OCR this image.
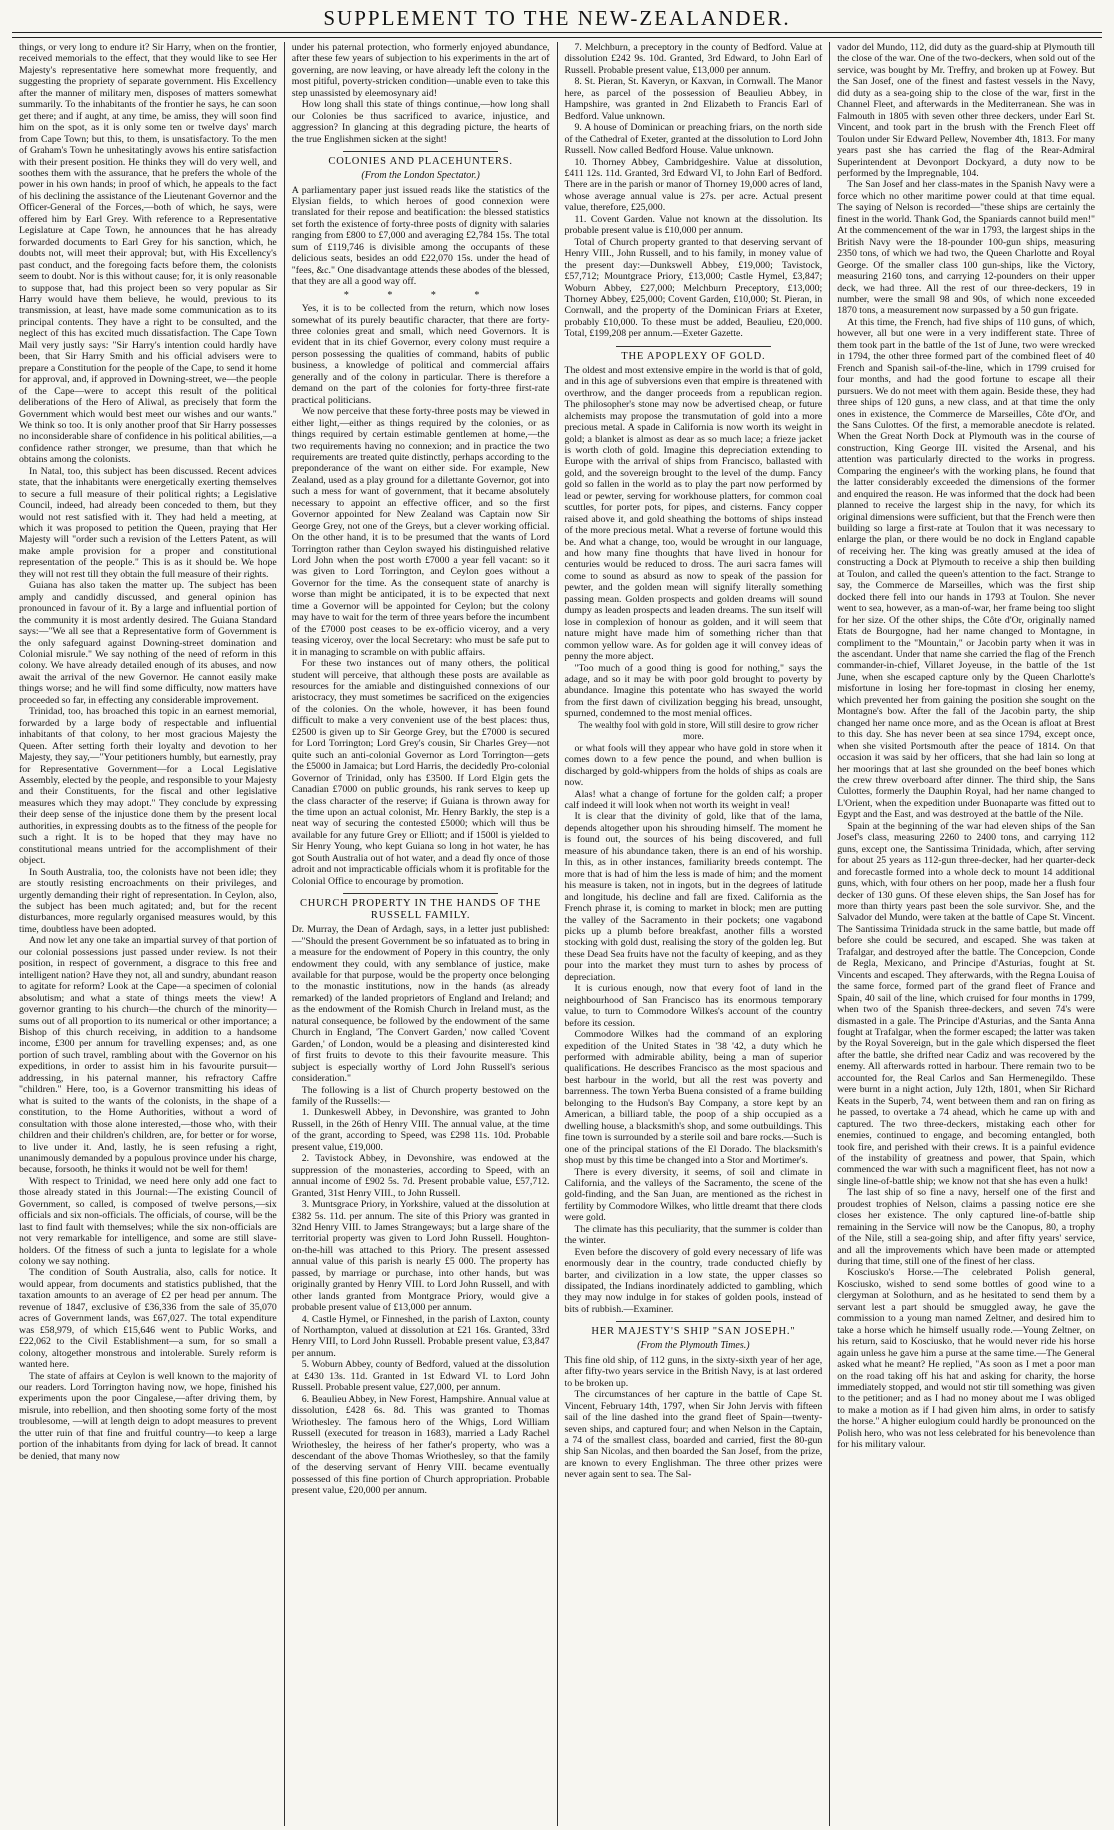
SUPPLEMENT TO THE NEW-ZEALANDER.

things, or very long to endure it? Sir Harry, when on the frontier, received memorials to the effect, that they would like to see Her Majesty's representative here somewhat more frequently, and suggesting the propriety of separate government. His Excellency after the manner of military men, disposes of matters somewhat summarily. To the inhabitants of the frontier he says, he can soon get there; and if aught, at any time, be amiss, they will soon find him on the spot, as it is only some ten or twelve days' march from Cape Town; but this, to them, is unsatisfactory. To the men of Graham's Town he unhesitatingly avows his entire satisfaction with their present position. He thinks they will do very well, and soothes them with the assurance, that he prefers the whole of the power in his own hands; in proof of which, he appeals to the fact of his declining the assistance of the Lieutenant Governor and the Officer-General of the Forces,—both of which, he says, were offered him by Earl Grey. With reference to a Representative Legislature at Cape Town, he announces that he has already forwarded documents to Earl Grey for his sanction, which, he doubts not, will meet their approval; but, with His Excellency's past conduct, and the foregoing facts before them, the colonists seem to doubt. Nor is this without cause; for, it is only reasonable to suppose that, had this project been so very popular as Sir Harry would have them believe, he would, previous to its transmission, at least, have made some communication as to its principal contents. They have a right to be consulted, and the neglect of this has excited much dissatisfaction. The Cape Town Mail very justly says: "Sir Harry's intention could hardly have been, that Sir Harry Smith and his official advisers were to prepare a Constitution for the people of the Cape, to send it home for approval, and, if approved in Downing-street, we—the people of the Cape—were to accept this result of the political deliberations of the Hero of Aliwal, as precisely that form the Government which would best meet our wishes and our wants." We think so too. It is only another proof that Sir Harry possesses no inconsiderable share of confidence in his political abilities,—a confidence rather stronger, we presume, than that which he obtains among the colonists.

In Natal, too, this subject has been discussed. Recent advices state, that the inhabitants were energetically exerting themselves to secure a full measure of their political rights; a Legislative Council, indeed, had already been conceded to them, but they would not rest satisfied with it. They had held a meeting, at which it was proposed to petition the Queen, praying that Her Majesty will "order such a revision of the Letters Patent, as will make ample provision for a proper and constitutional representation of the people." This is as it should be. We hope they will not rest till they obtain the full measure of their rights.

Guiana has also taken the matter up. The subject has been amply and candidly discussed, and general opinion has pronounced in favour of it. By a large and influential portion of the community it is most ardently desired. The Guiana Standard says:—"We all see that a Representative form of Government is the only safeguard against Downing-street domination and Colonial misrule." We say nothing of the need of reform in this colony. We have already detailed enough of its abuses, and now await the arrival of the new Governor. He cannot easily make things worse; and he will find some difficulty, now matters have proceeded so far, in effecting any considerable improvement.

Trinidad, too, has broached this topic in an earnest memorial, forwarded by a large body of respectable and influential inhabitants of that colony, to her most gracious Majesty the Queen. After setting forth their loyalty and devotion to her Majesty, they say,—"Your petitioners humbly, but earnestly, pray for Representative Government—for a Local Legislative Assembly, elected by the people, and responsible to your Majesty and their Constituents, for the fiscal and other legislative measures which they may adopt." They conclude by expressing their deep sense of the injustice done them by the present local authorities, in expressing doubts as to the fitness of the people for such a right. It is to be hoped that they may have no constitutional means untried for the accomplishment of their object.

In South Australia, too, the colonists have not been idle; they are stoutly resisting encroachments on their privileges, and urgently demanding their right of representation. In Ceylon, also, the subject has been much agitated; and, but for the recent disturbances, more regularly organised measures would, by this time, doubtless have been adopted.

And now let any one take an impartial survey of that portion of our colonial possessions just passed under review. Is not their position, in respect of government, a disgrace to this free and intelligent nation? Have they not, all and sundry, abundant reason to agitate for reform? Look at the Cape—a specimen of colonial absolutism; and what a state of things meets the view! A governor granting to his church—the church of the minority—sums out of all proportion to its numerical or other importance; a Bishop of this church receiving, in addition to a handsome income, £300 per annum for travelling expenses; and, as one portion of such travel, rambling about with the Governor on his expeditions, in order to assist him in his favourite pursuit—addressing, in his paternal manner, his refractory Caffre "children." Here, too, is a Governor transmitting his ideas of what is suited to the wants of the colonists, in the shape of a constitution, to the Home Authorities, without a word of consultation with those alone interested,—those who, with their children and their children's children, are, for better or for worse, to live under it. And, lastly, he is seen refusing a right, unanimously demanded by a populous province under his charge, because, forsooth, he thinks it would not be well for them!

With respect to Trinidad, we need here only add one fact to those already stated in this Journal:—The existing Council of Government, so called, is composed of twelve persons,—six officials and six non-officials. The officials, of course, will be the last to find fault with themselves; while the six non-officials are not very remarkable for intelligence, and some are still slave-holders. Of the fitness of such a junta to legislate for a whole colony we say nothing.

The condition of South Australia, also, calls for notice. It would appear, from documents and statistics published, that the taxation amounts to an average of £2 per head per annum. The revenue of 1847, exclusive of £36,336 from the sale of 35,070 acres of Government lands, was £67,027. The total expenditure was £58,979, of which £15,646 went to Public Works, and £22,062 to the Civil Establishment—a sum, for so small a colony, altogether monstrous and intolerable. Surely reform is wanted here.

The state of affairs at Ceylon is well known to the majority of our readers. Lord Torrington having now, we hope, finished his experiments upon the poor Cingalese,—after driving them, by misrule, into rebellion, and then shooting some forty of the most troublesome, —will at length deign to adopt measures to prevent the utter ruin of that fine and fruitful country—to keep a large portion of the inhabitants from dying for lack of bread. It cannot be denied, that many now

under his paternal protection, who formerly enjoyed abundance, after these few years of subjection to his experiments in the art of governing, are now leaving, or have already left the colony in the most pitiful, poverty-stricken condition—unable even to take this step unassisted by eleemosynary aid!

How long shall this state of things continue,—how long shall our Colonies be thus sacrificed to avarice, injustice, and aggression? In glancing at this degrading picture, the hearts of the true Englishmen sicken at the sight!

COLONIES AND PLACEHUNTERS.
(From the London Spectator.)

A parliamentary paper just issued reads like the statistics of the Elysian fields, to which heroes of good connexion were translated for their repose and beatification: the blessed statistics set forth the existence of forty-three posts of dignity with salaries ranging from £800 to £7,000 and averaging £2,784 15s. The total sum of £119,746 is divisible among the occupants of these delicious seats, besides an odd £22,070 15s. under the head of "fees, &c." One disadvantage attends these abodes of the blessed, that they are all a good way off.

* * * *

Yes, it is to be collected from the return, which now loses somewhat of its purely beautific character, that there are forty-three colonies great and small, which need Governors. It is evident that in its chief Governor, every colony must require a person possessing the qualities of command, habits of public business, a knowledge of political and commercial affairs generally and of the colony in particular. There is therefore a demand on the part of the colonies for forty-three first-rate practical politicians.

We now perceive that these forty-three posts may be viewed in either light,—either as things required by the colonies, or as things required by certain estimable gentlemen at home,—the two requirements having no connexion; and in practice the two requirements are treated quite distinctly, perhaps according to the preponderance of the want on either side. For example, New Zealand, used as a play ground for a dilettante Governor, got into such a mess for want of government, that it became absolutely necessary to appoint an effective officer, and so the first Governor appointed for New Zealand was Captain now Sir George Grey, not one of the Greys, but a clever working official. On the other hand, it is to be presumed that the wants of Lord Torrington rather than Ceylon swayed his distinguished relative Lord John when the post worth £7000 a year fell vacant: so it was given to Lord Torrington, and Ceylon goes without a Governor for the time. As the consequent state of anarchy is worse than might be anticipated, it is to be expected that next time a Governor will be appointed for Ceylon; but the colony may have to wait for the term of three years before the incumbent of the £7000 post ceases to be ex-officio viceroy, and a very teasing viceroy, over the local Secretary: who must be safe put to it in managing to scramble on with public affairs.

For these two instances out of many others, the political student will perceive, that although these posts are available as resources for the amiable and distinguished connexions of our aristocracy, they must sometimes be sacrificed on the exigencies of the colonies. On the whole, however, it has been found difficult to make a very convenient use of the best places: thus, £2500 is given up to Sir George Grey, but the £7000 is secured for Lord Torrington; Lord Grey's cousin, Sir Charles Grey—not quite such an anti-colonial Governor as Lord Torrington—gets the £5000 in Jamaica; but Lord Harris, the decidedly Pro-colonial Governor of Trinidad, only has £3500. If Lord Elgin gets the Canadian £7000 on public grounds, his rank serves to keep up the class character of the reserve; if Guiana is thrown away for the time upon an actual colonist, Mr. Henry Barkly, the step is a neat way of securing the contested £5000; which will thus be available for any future Grey or Elliott; and if 1500l is yielded to Sir Henry Young, who kept Guiana so long in hot water, he has got South Australia out of hot water, and a dead fly once of those adroit and not impracticable officials whom it is profitable for the Colonial Office to encourage by promotion.

CHURCH PROPERTY IN THE HANDS OF THE RUSSELL FAMILY.

Dr. Murray, the Dean of Ardagh, says, in a letter just published:—"Should the present Government be so infatuated as to bring in a measure for the endowment of Popery in this country, the only endowment they could, with any semblance of justice, make available for that purpose, would be the property once belonging to the monastic institutions, now in the hands (as already remarked) of the landed proprietors of England and Ireland; and as the endowment of the Romish Church in Ireland must, as the natural consequence, be followed by the endowment of the same Church in England, 'The Convert Garden,' now called 'Covent Garden,' of London, would be a pleasing and disinterested kind of first fruits to devote to this their favourite measure. This subject is especially worthy of Lord John Russell's serious consideration."

The following is a list of Church property bestowed on the family of the Russells:—

1. Dunkeswell Abbey, in Devonshire, was granted to John Russell, in the 26th of Henry VIII. The annual value, at the time of the grant, according to Speed, was £298 11s. 10d. Probable present value, £19,000.

2. Tavistock Abbey, in Devonshire, was endowed at the suppression of the monasteries, according to Speed, with an annual income of £902 5s. 7d. Present probable value, £57,712. Granted, 31st Henry VIII., to John Russell.

3. Muntsgrace Priory, in Yorkshire, valued at the dissolution at £382 5s. 11d. per annum. The site of this Priory was granted in 32nd Henry VIII. to James Strangeways; but a large share of the territorial property was given to Lord John Russell. Houghton-on-the-hill was attached to this Priory. The present assessed annual value of this parish is nearly £5 000. The property has passed, by marriage or purchase, into other hands, but was originally granted by Henry VIII. to Lord John Russell, and with other lands granted from Montgrace Priory, would give a probable present value of £13,000 per annum.

4. Castle Hymel, or Finneshed, in the parish of Laxton, county of Northampton, valued at dissolution at £21 16s. Granted, 33rd Henry VIII, to Lord John Russell. Probable present value, £3,847 per annum.

5. Woburn Abbey, county of Bedford, valued at the dissolution at £430 13s. 11d. Granted in 1st Edward VI. to Lord John Russell. Probable present value, £27,000, per annum.

6. Beaulieu Abbey, in New Forest, Hampshire. Annual value at dissolution, £428 6s. 8d. This was granted to Thomas Wriothesley. The famous hero of the Whigs, Lord William Russell (executed for treason in 1683), married a Lady Rachel Wriothesley, the heiress of her father's property, who was a descendant of the above Thomas Wriothesley, so that the family of the deserving servant of Henry VIII. became eventually possessed of this fine portion of Church appropriation. Probable present value, £20,000 per annum.

7. Melchburn, a preceptory in the county of Bedford. Value at dissolution £242 9s. 10d. Granted, 3rd Edward, to John Earl of Russell. Probable present value, £13,000 per annum.

8. St. Pieran, St. Kaveryn, or Kaxvan, in Cornwall. The Manor here, as parcel of the possession of Beaulieu Abbey, in Hampshire, was granted in 2nd Elizabeth to Francis Earl of Bedford. Value unknown.

9. A house of Dominican or preaching friars, on the north side of the Cathedral of Exeter, granted at the dissolution to Lord John Russell. Now called Bedford House. Value unknown.

10. Thorney Abbey, Cambridgeshire. Value at dissolution, £411 12s. 11d. Granted, 3rd Edward VI, to John Earl of Bedford. There are in the parish or manor of Thorney 19,000 acres of land, whose average annual value is 27s. per acre. Actual present value, therefore, £25,000.

11. Covent Garden. Value not known at the dissolution. Its probable present value is £10,000 per annum.

Total of Church property granted to that deserving servant of Henry VIII., John Russell, and to his family, in money value of the present day:—Dunkswell Abbey, £19,000; Tavistock, £57,712; Mountgrace Priory, £13,000; Castle Hymel, £3,847; Woburn Abbey, £27,000; Melchburn Preceptory, £13,000; Thorney Abbey, £25,000; Covent Garden, £10,000; St. Pieran, in Cornwall, and the property of the Dominican Friars at Exeter, probably £10,000. To these must be added, Beaulieu, £20,000. Total, £199,208 per annum.—Exeter Gazette.

THE APOPLEXY OF GOLD.

The oldest and most extensive empire in the world is that of gold, and in this age of subversions even that empire is threatened with overthrow, and the danger proceeds from a republican region. The philosopher's stone may now be advertised cheap, or future alchemists may propose the transmutation of gold into a more precious metal. A spade in California is now worth its weight in gold; a blanket is almost as dear as so much lace; a frieze jacket is worth cloth of gold. Imagine this depreciation extending to Europe with the arrival of ships from Francisco, ballasted with gold, and the sovereign brought to the level of the dump. Fancy gold so fallen in the world as to play the part now performed by lead or pewter, serving for workhouse platters, for common coal scuttles, for porter pots, for pipes, and cisterns. Fancy copper raised above it, and gold sheathing the bottoms of ships instead of the more precious metal. What a reverse of fortune would this be. And what a change, too, would be wrought in our language, and how many fine thoughts that have lived in honour for centuries would be reduced to dross. The auri sacra fames will come to sound as absurd as now to speak of the passion for pewter, and the golden mean will signify literally something passing mean. Golden prospects and golden dreams will sound dumpy as leaden prospects and leaden dreams. The sun itself will lose in complexion of honour as golden, and it will seem that nature might have made him of something richer than that common yellow ware. As for golden age it will convey ideas of penny the more abject.

"Too much of a good thing is good for nothing," says the adage, and so it may be with poor gold brought to poverty by abundance. Imagine this potentate who has swayed the world from the first dawn of civilization begging his bread, unsought, spurned, condemned to the most menial offices.

The wealthy fool with gold in store, Will still desire to grow richer more.

or what fools will they appear who have gold in store when it comes down to a few pence the pound, and when bullion is discharged by gold-whippers from the holds of ships as coals are now.

Alas! what a change of fortune for the golden calf; a proper calf indeed it will look when not worth its weight in veal!

It is clear that the divinity of gold, like that of the lama, depends altogether upon his shrouding himself. The moment he is found out, the sources of his being discovered, and full measure of his abundance taken, there is an end of his worship. In this, as in other instances, familiarity breeds contempt. The more that is had of him the less is made of him; and the moment his measure is taken, not in ingots, but in the degrees of latitude and longitude, his decline and fall are fixed. California as the French phrase it, is coming to market in block; men are putting the valley of the Sacramento in their pockets; one vagabond picks up a plumb before breakfast, another fills a worsted stocking with gold dust, realising the story of the golden leg. But these Dead Sea fruits have not the faculty of keeping, and as they pour into the market they must turn to ashes by process of depreciation.

It is curious enough, now that every foot of land in the neighbourhood of San Francisco has its enormous temporary value, to turn to Commodore Wilkes's account of the country before its cession.

Commodore Wilkes had the command of an exploring expedition of the United States in '38 '42, a duty which he performed with admirable ability, being a man of superior qualifications. He describes Francisco as the most spacious and best harbour in the world, but all the rest was poverty and barrenness. The town Yerba Buena consisted of a frame building belonging to the Hudson's Bay Company, a store kept by an American, a billiard table, the poop of a ship occupied as a dwelling house, a blacksmith's shop, and some outbuildings. This fine town is surrounded by a sterile soil and bare rocks.—Such is one of the principal stations of the El Dorado. The blacksmith's shop must by this time be changed into a Stor and Mortimer's.

There is every diversity, it seems, of soil and climate in California, and the valleys of the Sacramento, the scene of the gold-finding, and the San Juan, are mentioned as the richest in fertility by Commodore Wilkes, who little dreamt that there clods were gold.

The climate has this peculiarity, that the summer is colder than the winter.

Even before the discovery of gold every necessary of life was enormously dear in the country, trade conducted chiefly by barter, and civilization in a low state, the upper classes so dissipated, the Indians inordinately addicted to gambling, which they may now indulge in for stakes of golden pools, instead of bits of rubbish.—Examiner.

HER MAJESTY'S SHIP "SAN JOSEPH."
(From the Plymouth Times.)

This fine old ship, of 112 guns, in the sixty-sixth year of her age, after fifty-two years service in the British Navy, is at last ordered to be broken up.

The circumstances of her capture in the battle of Cape St. Vincent, February 14th, 1797, when Sir John Jervis with fifteen sail of the line dashed into the grand fleet of Spain—twenty-seven ships, and captured four; and when Nelson in the Captain, a 74 of the smallest class, boarded and carried, first the 80-gun ship San Nicolas, and then boarded the San Josef, from the prize, are known to every Englishman. The three other prizes were never again sent to sea. The Sal-

vador del Mundo, 112, did duty as the guard-ship at Plymouth till the close of the war. One of the two-deckers, when sold out of the service, was bought by Mr. Treffry, and broken up at Fowey. But the San Josef, one of the finest and fastest vessels in the Navy, did duty as a sea-going ship to the close of the war, first in the Channel Fleet, and afterwards in the Mediterranean. She was in Falmouth in 1805 with seven other three deckers, under Earl St. Vincent, and took part in the brush with the French Fleet off Toulon under Sir Edward Pellew, November 4th, 1813. For many years past she has carried the flag of the Rear-Admiral Superintendent at Devonport Dockyard, a duty now to be performed by the Impregnable, 104.

The San Josef and her class-mates in the Spanish Navy were a force which no other maritime power could at that time equal. The saying of Nelson is recorded—"these ships are certainly the finest in the world. Thank God, the Spaniards cannot build men!" At the commencement of the war in 1793, the largest ships in the British Navy were the 18-pounder 100-gun ships, measuring 2350 tons, of which we had two, the Queen Charlotte and Royal George. Of the smaller class 100 gun-ships, like the Victory, measuring 2160 tons, and carrying 12-pounders on their upper deck, we had three. All the rest of our three-deckers, 19 in number, were the small 98 and 90s, of which none exceeded 1870 tons, a measurement now surpassed by a 50 gun frigate.

At this time, the French, had five ships of 110 guns, of which, however, all but one were in a very indifferent state. Three of them took part in the battle of the 1st of June, two were wrecked in 1794, the other three formed part of the combined fleet of 40 French and Spanish sail-of-the-line, which in 1799 cruised for four months, and had the good fortune to escape all their pursuers. We do not meet with them again. Beside these, they had three ships of 120 guns, a new class, and at that time the only ones in existence, the Commerce de Marseilles, Côte d'Or, and the Sans Culottes. Of the first, a memorable anecdote is related. When the Great North Dock at Plymouth was in the course of construction, King George III. visited the Arsenal, and his attention was particularly directed to the works in progress. Comparing the engineer's with the working plans, he found that the latter considerably exceeded the dimensions of the former and enquired the reason. He was informed that the dock had been planned to receive the largest ship in the navy, for which its original dimensions were sufficient, but that the French were then building so large a first-rate at Toulon that it was necessary to enlarge the plan, or there would be no dock in England capable of receiving her. The king was greatly amused at the idea of constructing a Dock at Plymouth to receive a ship then building at Toulon, and called the queen's attention to the fact. Strange to say, the Commerce de Marseilles, which was the first ship docked there fell into our hands in 1793 at Toulon. She never went to sea, however, as a man-of-war, her frame being too slight for her size. Of the other ships, the Côte d'Or, originally named Etats de Bourgogne, had her name changed to Montagne, in compliment to the "Mountain," or Jacobin party when it was in the ascendant. Under that name she carried the flag of the French commander-in-chief, Villaret Joyeuse, in the battle of the 1st June, when she escaped capture only by the Queen Charlotte's misfortune in losing her fore-topmast in closing her enemy, which prevented her from gaining the position she sought on the Montagne's bow. After the fall of the Jacobin party, the ship changed her name once more, and as the Ocean is afloat at Brest to this day. She has never been at sea since 1794, except once, when she visited Portsmouth after the peace of 1814. On that occasion it was said by her officers, that she had lain so long at her moorings that at last she grounded on the beef bones which the crew threw overboard after dinner. The third ship, the Sans Culottes, formerly the Dauphin Royal, had her name changed to L'Orient, when the expedition under Buonaparte was fitted out to Egypt and the East, and was destroyed at the battle of the Nile.

Spain at the beginning of the war had eleven ships of the San Josef's class, measuring 2260 to 2400 tons, and carrying 112 guns, except one, the Santissima Trinidada, which, after serving for about 25 years as 112-gun three-decker, had her quarter-deck and forecastle formed into a whole deck to mount 14 additional guns, which, with four others on her poop, made her a flush four decker of 130 guns. Of these eleven ships, the San Josef has for more than thirty years past been the sole survivor. She, and the Salvador del Mundo, were taken at the battle of Cape St. Vincent. The Santissima Trinidada struck in the same battle, but made off before she could be secured, and escaped. She was taken at Trafalgar, and destroyed after the battle. The Concepcion, Conde de Regla, Mexicano, and Principe d'Asturias, fought at St. Vincents and escaped. They afterwards, with the Regna Louisa of the same force, formed part of the grand fleet of France and Spain, 40 sail of the line, which cruised for four months in 1799, when two of the Spanish three-deckers, and seven 74's were dismasted in a gale. The Principe d'Asturias, and the Santa Anna fought at Trafalgar, when the former escaped; the latter was taken by the Royal Sovereign, but in the gale which dispersed the fleet after the battle, she drifted near Cadiz and was recovered by the enemy. All afterwards rotted in harbour. There remain two to be accounted for, the Real Carlos and San Hermenegildo. These were burnt in a night action, July 12th, 1801, when Sir Richard Keats in the Superb, 74, went between them and ran on firing as he passed, to overtake a 74 ahead, which he came up with and captured. The two three-deckers, mistaking each other for enemies, continued to engage, and becoming entangled, both took fire, and perished with their crews. It is a painful evidence of the instability of greatness and power, that Spain, which commenced the war with such a magnificent fleet, has not now a single line-of-battle ship; we know not that she has even a hulk!

The last ship of so fine a navy, herself one of the first and proudest trophies of Nelson, claims a passing notice ere she closes her existence. The only captured line-of-battle ship remaining in the Service will now be the Canopus, 80, a trophy of the Nile, still a sea-going ship, and after fifty years' service, and all the improvements which have been made or attempted during that time, still one of the finest of her class.

Kosciusko's Horse.—The celebrated Polish general, Kosciusko, wished to send some bottles of good wine to a clergyman at Solothurn, and as he hesitated to send them by a servant lest a part should be smuggled away, he gave the commission to a young man named Zeltner, and desired him to take a horse which he himself usually rode.—Young Zeltner, on his return, said to Kosciusko, that he would never ride his horse again unless he gave him a purse at the same time.—The General asked what he meant? He replied, "As soon as I met a poor man on the road taking off his hat and asking for charity, the horse immediately stopped, and would not stir till something was given to the petitioner; and as I had no money about me I was obliged to make a motion as if I had given him alms, in order to satisfy the horse." A higher eulogium could hardly be pronounced on the Polish hero, who was not less celebrated for his benevolence than for his military valour.
